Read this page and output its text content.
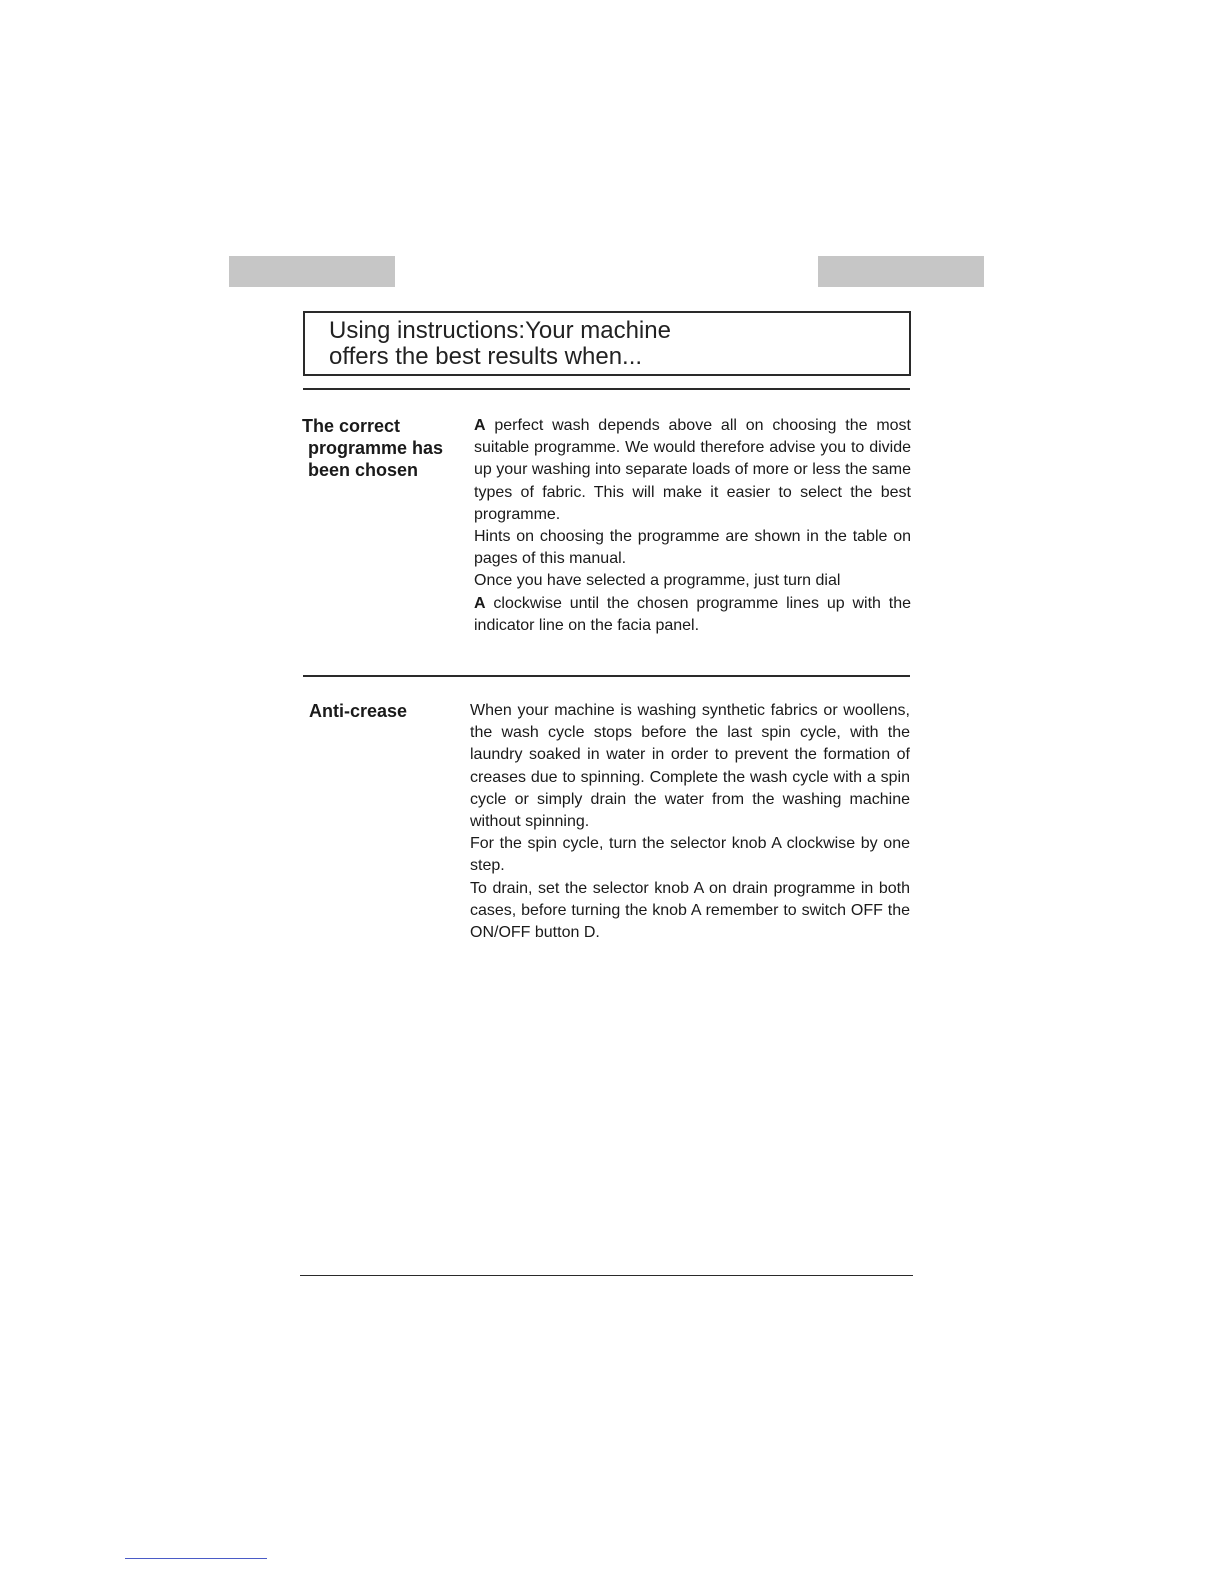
Using instructions:Your machine
offers the best results when...
The correct
programme has
been chosen

A perfect wash depends above all on choosing the most suitable programme. We would therefore advise you to divide up your washing into separate loads of more or less the same types of fabric. This will make it easier to select the best programme.

Hints on choosing the programme are shown in the table on pages of this manual.

Once you have selected a programme, just turn dial

A clockwise until the chosen programme lines up with the indicator line on the facia panel.

Anti-crease	When your machine is washing synthetic fabrics or woollens, the wash cycle stops before the last spin cycle, with the laundry soaked in water in order to prevent the formation of creases due to spinning. Complete the wash cycle with a spin cycle or simply drain the water from the washing machine without spinning.

For the spin cycle, turn the selector knob A clockwise by one step.

To drain, set the selector knob A on drain programme in both cases, before turning the knob A remember to switch OFF the ON/OFF button D.
